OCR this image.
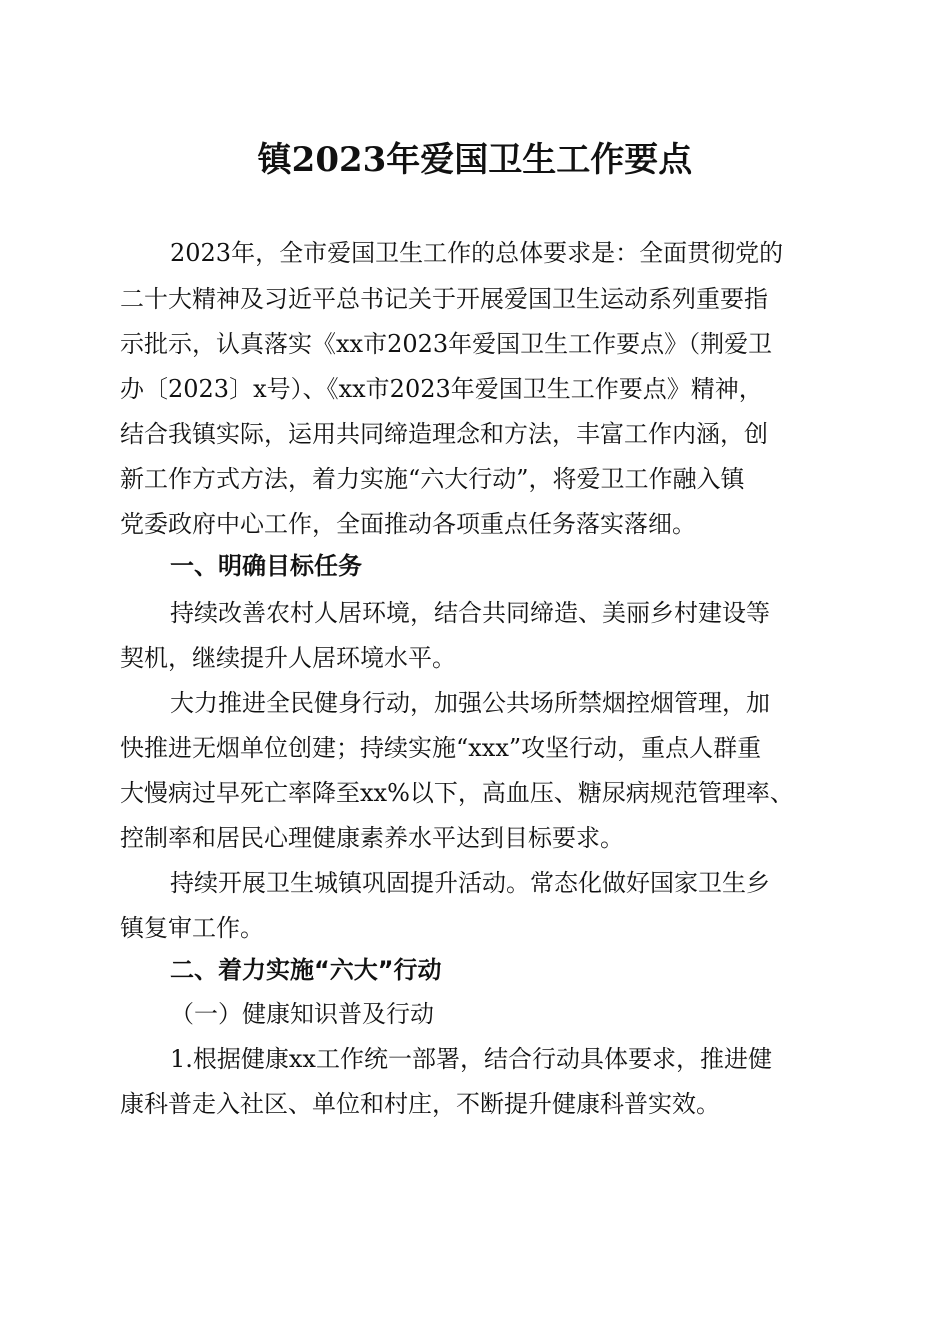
镇2023年爱国卫生工作要点
2023年，全市爱国卫生工作的总体要求是：全面贯彻党的
二十大精神及习近平总书记关于开展爱国卫生运动系列重要指
示批示，认真落实《xx市2023年爱国卫生工作要点》（荆爱卫
办〔2023〕x号）、《xx市2023年爱国卫生工作要点》精神，
结合我镇实际，运用共同缔造理念和方法，丰富工作内涵，创
新工作方式方法，着力实施“六大行动”，将爱卫工作融入镇
党委政府中心工作，全面推动各项重点任务落实落细。
一、明确目标任务
持续改善农村人居环境，结合共同缔造、美丽乡村建设等
契机，继续提升人居环境水平。
大力推进全民健身行动，加强公共场所禁烟控烟管理，加
快推进无烟单位创建；持续实施“xxx”攻坚行动，重点人群重
大慢病过早死亡率降至xx%以下，高血压、糖尿病规范管理率、
控制率和居民心理健康素养水平达到目标要求。
持续开展卫生城镇巩固提升活动。常态化做好国家卫生乡
镇复审工作。
二、着力实施“六大”行动
（一）健康知识普及行动
1.根据健康xx工作统一部署，结合行动具体要求，推进健
康科普走入社区、单位和村庄，不断提升健康科普实效。
